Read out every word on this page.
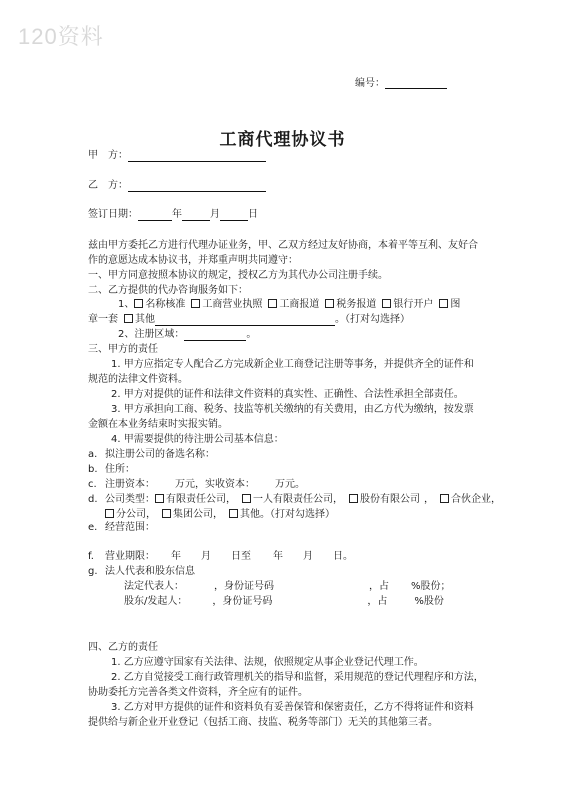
120资料
编号：
工商代理协议书
甲　方：
乙　方：
签订日期：	年	月	日
兹由甲方委托乙方进行代理办证业务，甲、乙双方经过友好协商，本着平等互利、友好合
作的意愿达成本协议书，并郑重声明共同遵守：
一、甲方同意按照本协议的规定，授权乙方为其代办公司注册手续。
二、乙方提供的代办咨询服务如下：
1、 名称核准 工商营业执照 工商报道 税务报道 银行开户 图
章一套 其他	。（打对勾选择）
2、注册区域：	。
三、甲方的责任
1. 甲方应指定专人配合乙方完成新企业工商登记注册等事务，并提供齐全的证件和
规范的法律文件资料。
2. 甲方对提供的证件和法律文件资料的真实性、正确性、合法性承担全部责任。
3. 甲方承担向工商、税务、技监等机关缴纳的有关费用，由乙方代为缴纳，按发票
金额在本业务结束时实报实销。
4. 甲需要提供的待注册公司基本信息：
a. 拟注册公司的备选名称：
b. 住所：
c. 注册资本： 万元，实收资本： 万元。
d. 公司类型： 有限责任公司， 一人有限责任公司， 股份有限公司 ， 合伙企业，
分公司， 集团公司， 其他。（打对勾选择）
e. 经营范围：
f. 营业期限： 年 月 日至 年 月 日。
g. 法人代表和股东信息
法定代表人：	，身份证号码	，占 %股份；
股东/发起人：	，身份证号码	，占	%股份
四、乙方的责任
1. 乙方应遵守国家有关法律、法规，依照规定从事企业登记代理工作。
2. 乙方自觉接受工商行政管理机关的指导和监督，采用规范的登记代理程序和方法，
协助委托方完善各类文件资料，齐全应有的证件。
3. 乙方对甲方提供的证件和资料负有妥善保管和保密责任，乙方不得将证件和资料
提供给与新企业开业登记（包括工商、技监、税务等部门）无关的其他第三者。
